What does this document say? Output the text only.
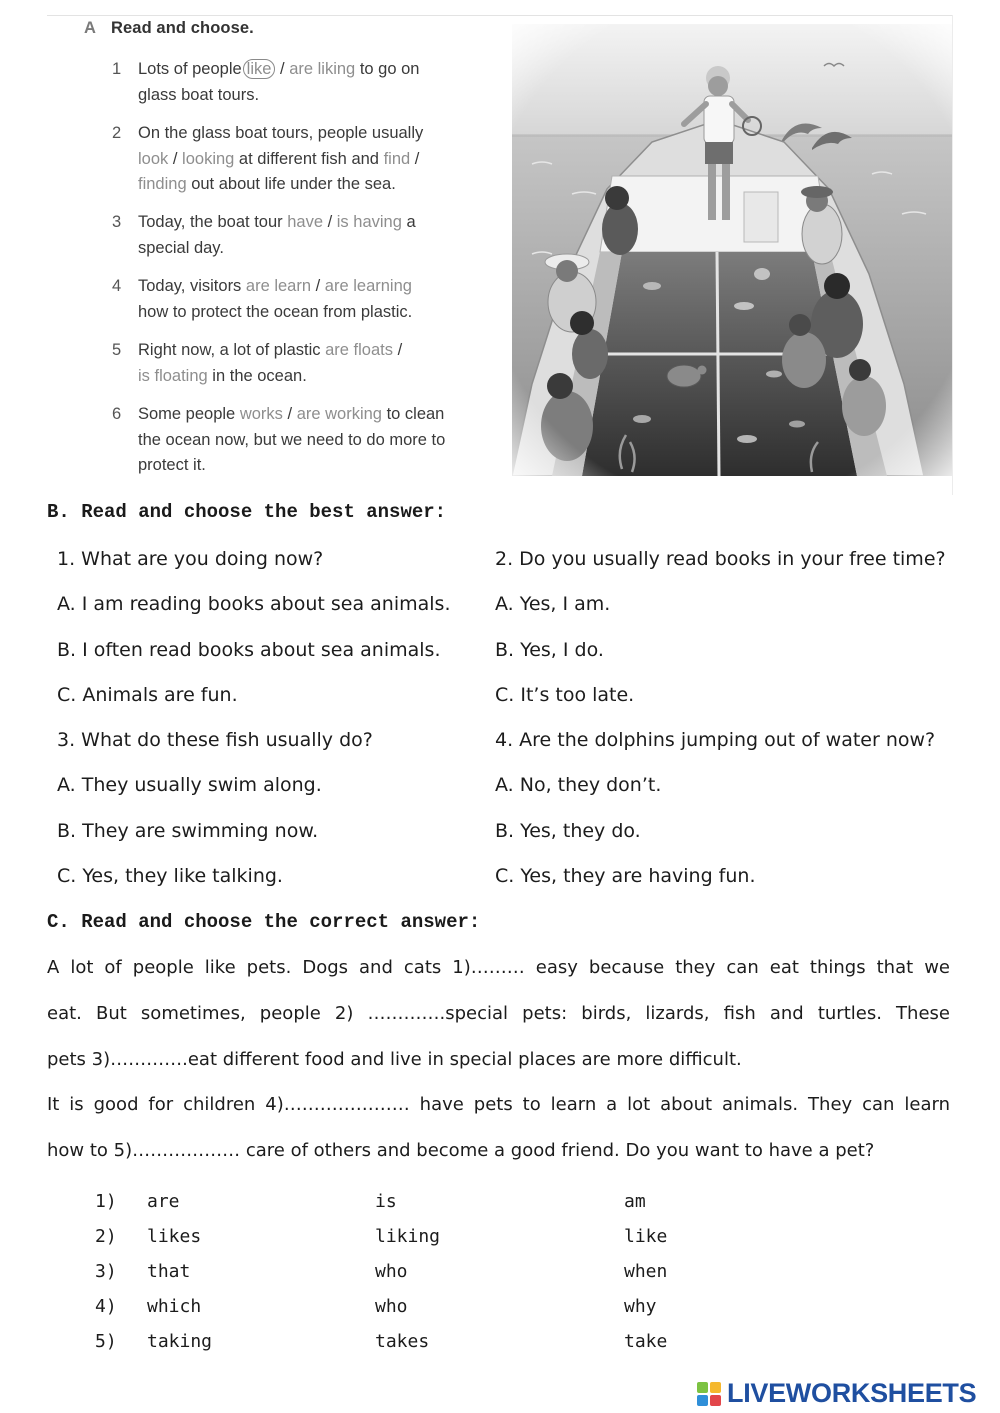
A Read and choose.
1 Lots of people like / are liking to go on
glass boat tours.
2 On the glass boat tours, people usually
look / looking at different fish and find /
finding out about life under the sea.
3 Today, the boat tour have / is having a
special day.
4 Today, visitors are learn / are learning
how to protect the ocean from plastic.
5 Right now, a lot of plastic are floats /
is floating in the ocean.
6 Some people works / are working to clean
the ocean now, but we need to do more to
protect it.
B. Read and choose the best answer:
1. What are you doing now?
A. I am reading books about sea animals.
B. I often read books about sea animals.
C. Animals are fun.
2. Do you usually read books in your free time?
A. Yes, I am.
B. Yes, I do.
C. It’s too late.
3. What do these fish usually do?
A. They usually swim along.
B. They are swimming now.
C. Yes, they like talking.
4. Are the dolphins jumping out of water now?
A. No, they don’t.
B. Yes, they do.
C. Yes, they are having fun.
C. Read and choose the correct answer:
A lot of people like pets. Dogs and cats 1)……… easy because they can eat things that we
eat. But sometimes, people 2) ………….special pets: birds, lizards, fish and turtles. These
pets 3)………….eat different food and live in special places are more difficult.
It is good for children 4)………………… have pets to learn a lot about animals. They can learn
how to 5)……………… care of others and become a good friend. Do you want to have a pet?
1) are	is	am
2) likes	liking	like
3) that	who	when
4) which	who	why
5) taking	takes	take
LIVEWORKSHEETS
